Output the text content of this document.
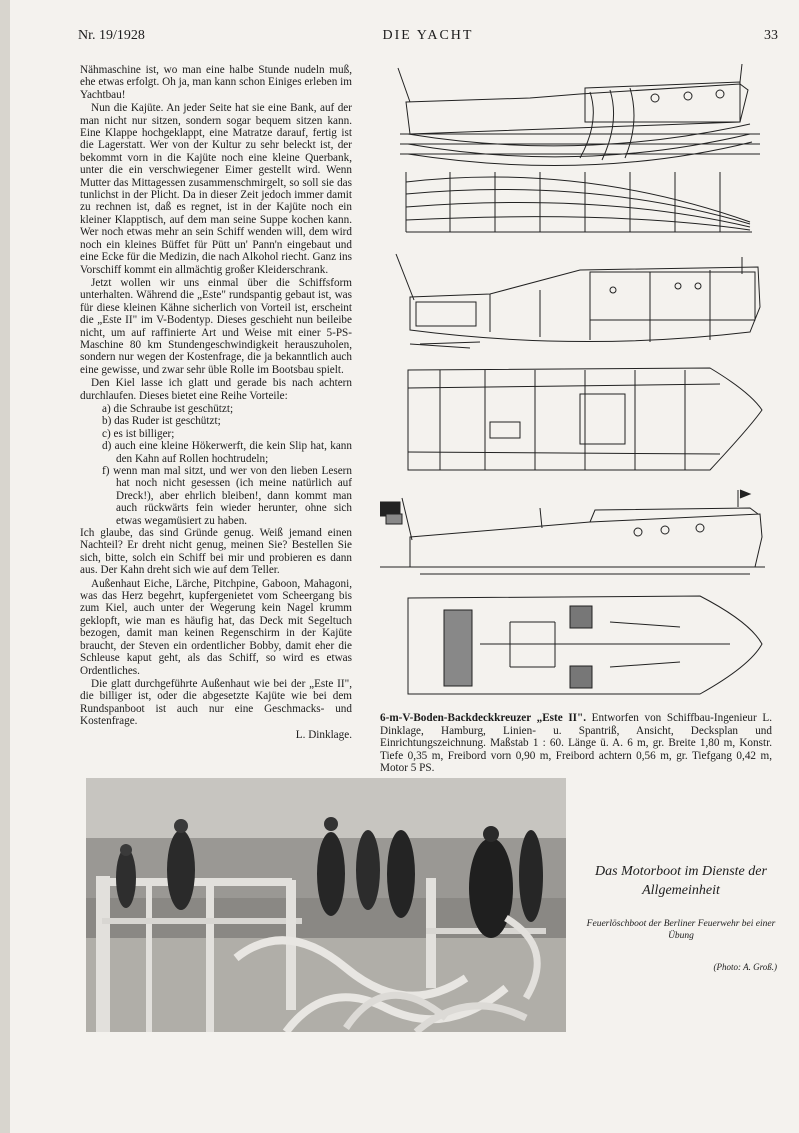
Nr. 19/1928	DIE YACHT	33

Nähmaschine ist, wo man eine halbe Stunde nudeln muß, ehe etwas erfolgt. Oh ja, man kann schon Einiges erleben im Yachtbau!

Nun die Kajüte. An jeder Seite hat sie eine Bank, auf der man nicht nur sitzen, sondern sogar bequem sitzen kann. Eine Klappe hochgeklappt, eine Matratze darauf, fertig ist die Lagerstatt. Wer von der Kultur zu sehr beleckt ist, der bekommt vorn in die Kajüte noch eine kleine Querbank, unter die ein verschwiegener Eimer gestellt wird. Wenn Mutter das Mittagessen zusammenschmirgelt, so soll sie das tunlichst in der Plicht. Da in dieser Zeit jedoch immer damit zu rechnen ist, daß es regnet, ist in der Kajüte noch ein kleiner Klapptisch, auf dem man seine Suppe kochen kann. Wer noch etwas mehr an sein Schiff wenden will, dem wird noch ein kleines Büffet für Pütt un' Pann'n eingebaut und eine Ecke für die Medizin, die nach Alkohol riecht. Ganz ins Vorschiff kommt ein allmächtig großer Kleiderschrank.

Jetzt wollen wir uns einmal über die Schiffsform unterhalten. Während die „Este" rundspantig gebaut ist, was für diese kleinen Kähne sicherlich von Vorteil ist, erscheint die „Este II" im V-Bodentyp. Dieses geschieht nun beileibe nicht, um auf raffinierte Art und Weise mit einer 5-PS-Maschine 80 km Stundengeschwindigkeit herauszuholen, sondern nur wegen der Kostenfrage, die ja bekanntlich auch eine gewisse, und zwar sehr üble Rolle im Bootsbau spielt.

Den Kiel lasse ich glatt und gerade bis nach achtern durchlaufen. Dieses bietet eine Reihe Vorteile:

a) die Schraube ist geschützt;
b) das Ruder ist geschützt;
c) es ist billiger;
d) auch eine kleine Hökerwerft, die kein Slip hat, kann den Kahn auf Rollen hochtrudeln;
f) wenn man mal sitzt, und wer von den lieben Lesern hat noch nicht gesessen (ich meine natürlich auf Dreck!), aber ehrlich bleiben!, dann kommt man auch rückwärts fein wieder herunter, ohne sich etwas wegamüsiert zu haben.

Ich glaube, das sind Gründe genug. Weiß jemand einen Nachteil? Er dreht nicht genug, meinen Sie? Bestellen Sie sich, bitte, solch ein Schiff bei mir und probieren es dann aus. Der Kahn dreht sich wie auf dem Teller.

Außenhaut Eiche, Lärche, Pitchpine, Gaboon, Mahagoni, was das Herz begehrt, kupfergenietet vom Scheergang bis zum Kiel, auch unter der Wegerung kein Nagel krumm geklopft, wie man es häufig hat, das Deck mit Segeltuch bezogen, damit man keinen Regenschirm in der Kajüte braucht, der Steven ein ordentlicher Bobby, damit eher die Schleuse kaput geht, als das Schiff, so wird es etwas Ordentliches.

Die glatt durchgeführte Außenhaut wie bei der „Este II", die billiger ist, oder die abgesetzte Kajüte wie bei dem Rundspanboot ist auch nur eine Geschmacks- und Kostenfrage.

L. Dinklage.

6-m-V-Boden-Backdeckkreuzer „Este II". Entworfen von Schiffbau-Ingenieur L. Dinklage, Hamburg, Linien- u. Spantriß, Ansicht, Decksplan und Einrichtungszeichnung. Maßstab 1 : 60. Länge ü. A. 6 m, gr. Breite 1,80 m, Konstr. Tiefe 0,35 m, Freibord vorn 0,90 m, Freibord achtern 0,56 m, gr. Tiefgang 0,42 m, Motor 5 PS.
Das Motorboot im Dienste der
Allgemeinheit
Feuerlöschboot der Berliner Feuerwehr bei einer Übung
(Photo: A. Groß.)
